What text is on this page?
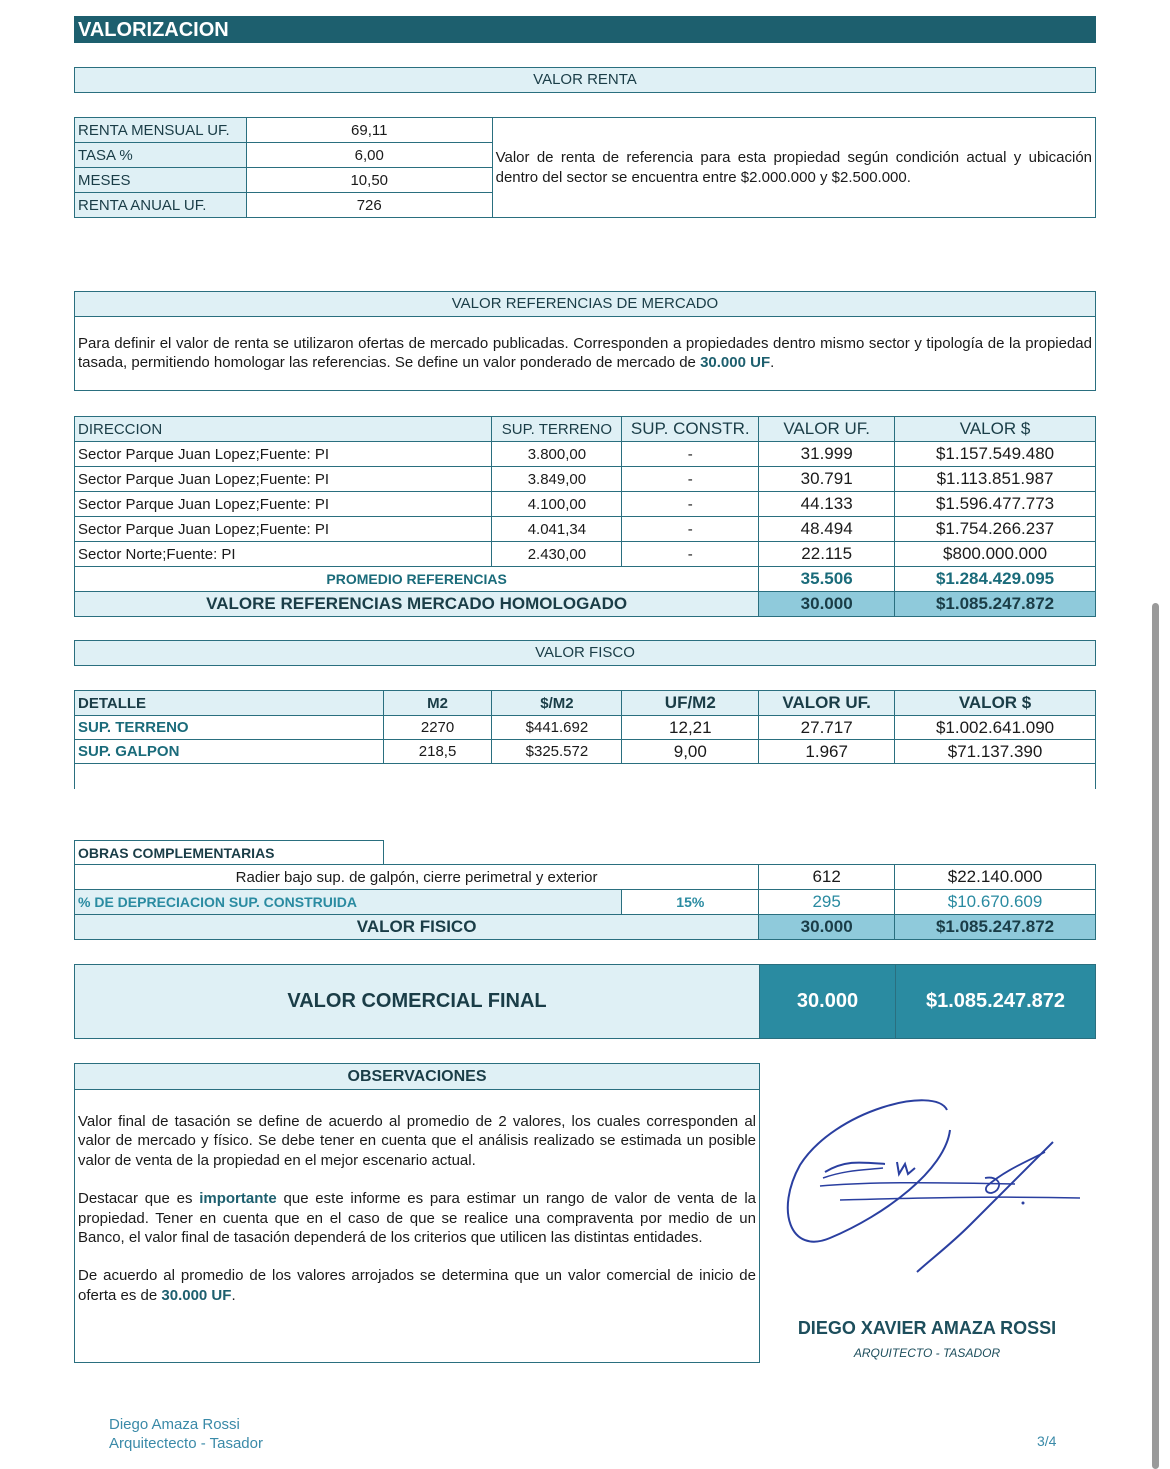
VALORIZACION
VALOR RENTA
RENTA MENSUAL UF.	69,11	Valor de renta de referencia para esta propiedad según condición actual y ubicación dentro del sector se encuentra entre $2.000.000 y $2.500.000.
TASA %	6,00	
MESES	10,50	
RENTA ANUAL UF.	726	
VALOR REFERENCIAS DE MERCADO
Para definir el valor de renta se utilizaron ofertas de mercado publicadas. Corresponden a propiedades dentro mismo sector y tipología de la propiedad tasada, permitiendo homologar las referencias. Se define un valor ponderado de mercado de 30.000 UF.
DIRECCION	SUP. TERRENO	SUP. CONSTR.	VALOR UF.	VALOR $
Sector Parque Juan Lopez;Fuente: PI	3.800,00	-	31.999	$1.157.549.480
Sector Parque Juan Lopez;Fuente: PI	3.849,00	-	30.791	$1.113.851.987
Sector Parque Juan Lopez;Fuente: PI	4.100,00	-	44.133	$1.596.477.773
Sector Parque Juan Lopez;Fuente: PI	4.041,34	-	48.494	$1.754.266.237
Sector Norte;Fuente: PI	2.430,00	-	22.115	$800.000.000
PROMEDIO REFERENCIAS			35.506	$1.284.429.095
VALORE REFERENCIAS MERCADO HOMOLOGADO			30.000	$1.085.247.872
VALOR FISCO
DETALLE	M2	$/M2	UF/M2	VALOR UF.	VALOR $
SUP. TERRENO	2270	$441.692	12,21	27.717	$1.002.641.090
SUP. GALPON	218,5	$325.572	9,00	1.967	$71.137.390
OBRAS COMPLEMENTARIAS
Radier bajo sup. de galpón, cierre perimetral y exterior		612	$22.140.000
% DE DEPRECIACION SUP. CONSTRUIDA	15%	295	$10.670.609
VALOR FISICO		30.000	$1.085.247.872
VALOR COMERCIAL FINAL	30.000	$1.085.247.872
OBSERVACIONES
Valor final de tasación se define de acuerdo al promedio de 2 valores, los cuales corresponden al valor de mercado y físico. Se debe tener en cuenta que el análisis realizado se estimada un posible valor de venta de la propiedad en el mejor escenario actual.
Destacar que es importante que este informe es para estimar un rango de valor de venta de la propiedad. Tener en cuenta que en el caso de que se realice una compraventa por medio de un Banco, el valor final de tasación dependerá de los criterios que utilicen las distintas entidades.
De acuerdo al promedio de los valores arrojados se determina que un valor comercial de inicio de oferta es de 30.000 UF.
DIEGO XAVIER AMAZA ROSSI
ARQUITECTO - TASADOR
Diego Amaza Rossi
Arquitectecto - Tasador	3/4
